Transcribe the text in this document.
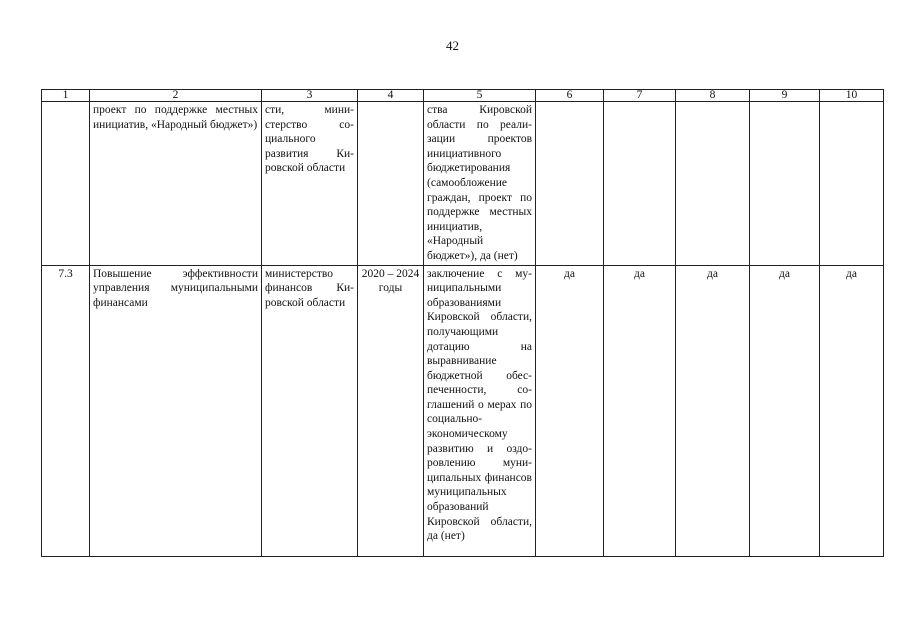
42
1	2	3	4	5	6	7	8	9	10
	проект по поддержке местных инициатив, «Народный бюджет»)	сти, министерство социального развития Кировской области		ства Кировской области по реализации проектов инициативного бюджетирования (самообложение граждан, проект по поддержке местных инициатив, «Народный бюджет»), да (нет)					
7.3	Повышение эффективности управления муниципальными финансами	министерство финансов Кировской области	2020 – 2024 годы	заключение с муниципальными образованиями Кировской области, получающими дотацию на выравнивание бюджетной обеспеченности, соглашений о мерах по социально-экономическому развитию и оздоровлению муниципальных финансов муниципальных образований Кировской области, да (нет)	да	да	да	да	да
